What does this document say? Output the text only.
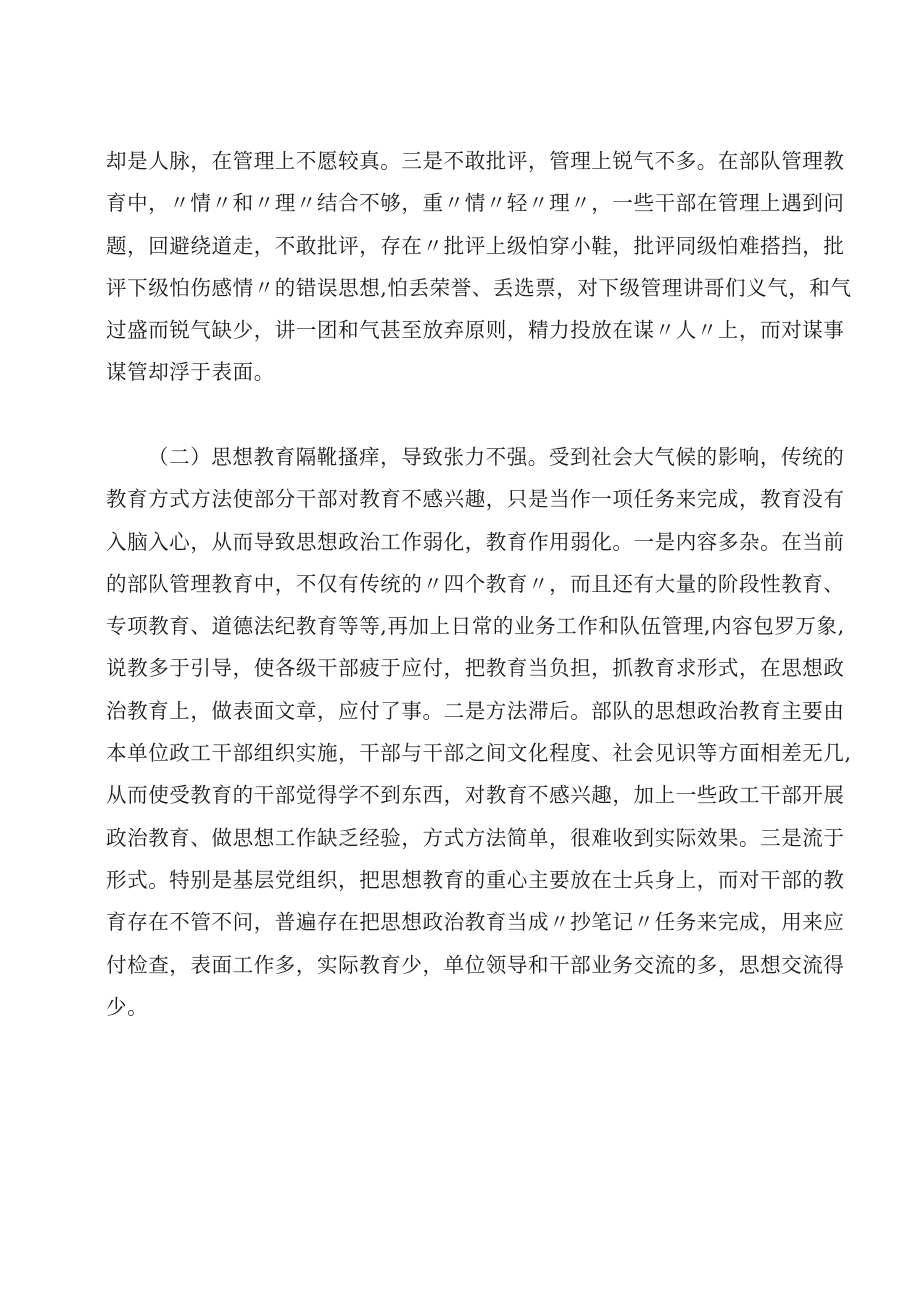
却是人脉，在管理上不愿较真。三是不敢批评，管理上锐气不多。在部队管理教
育中，〃情〃和〃理〃结合不够，重〃情〃轻〃理〃，一些干部在管理上遇到问
题，回避绕道走，不敢批评，存在〃批评上级怕穿小鞋，批评同级怕难搭挡，批
评下级怕伤感情〃的错误思想,怕丢荣誉、丢选票，对下级管理讲哥们义气，和气
过盛而锐气缺少，讲一团和气甚至放弃原则，精力投放在谋〃人〃上，而对谋事
谋管却浮于表面。
（二）思想教育隔靴搔痒，导致张力不强。受到社会大气候的影响，传统的
教育方式方法使部分干部对教育不感兴趣，只是当作一项任务来完成，教育没有
入脑入心，从而导致思想政治工作弱化，教育作用弱化。一是内容多杂。在当前
的部队管理教育中，不仅有传统的〃四个教育〃，而且还有大量的阶段性教育、
专项教育、道德法纪教育等等,再加上日常的业务工作和队伍管理,内容包罗万象,
说教多于引导，使各级干部疲于应付，把教育当负担，抓教育求形式，在思想政
治教育上，做表面文章，应付了事。二是方法滞后。部队的思想政治教育主要由
本单位政工干部组织实施，干部与干部之间文化程度、社会见识等方面相差无几,
从而使受教育的干部觉得学不到东西，对教育不感兴趣，加上一些政工干部开展
政治教育、做思想工作缺乏经验，方式方法简单，很难收到实际效果。三是流于
形式。特别是基层党组织，把思想教育的重心主要放在士兵身上，而对干部的教
育存在不管不问，普遍存在把思想政治教育当成〃抄笔记〃任务来完成，用来应
付检查，表面工作多，实际教育少，单位领导和干部业务交流的多，思想交流得
少。
